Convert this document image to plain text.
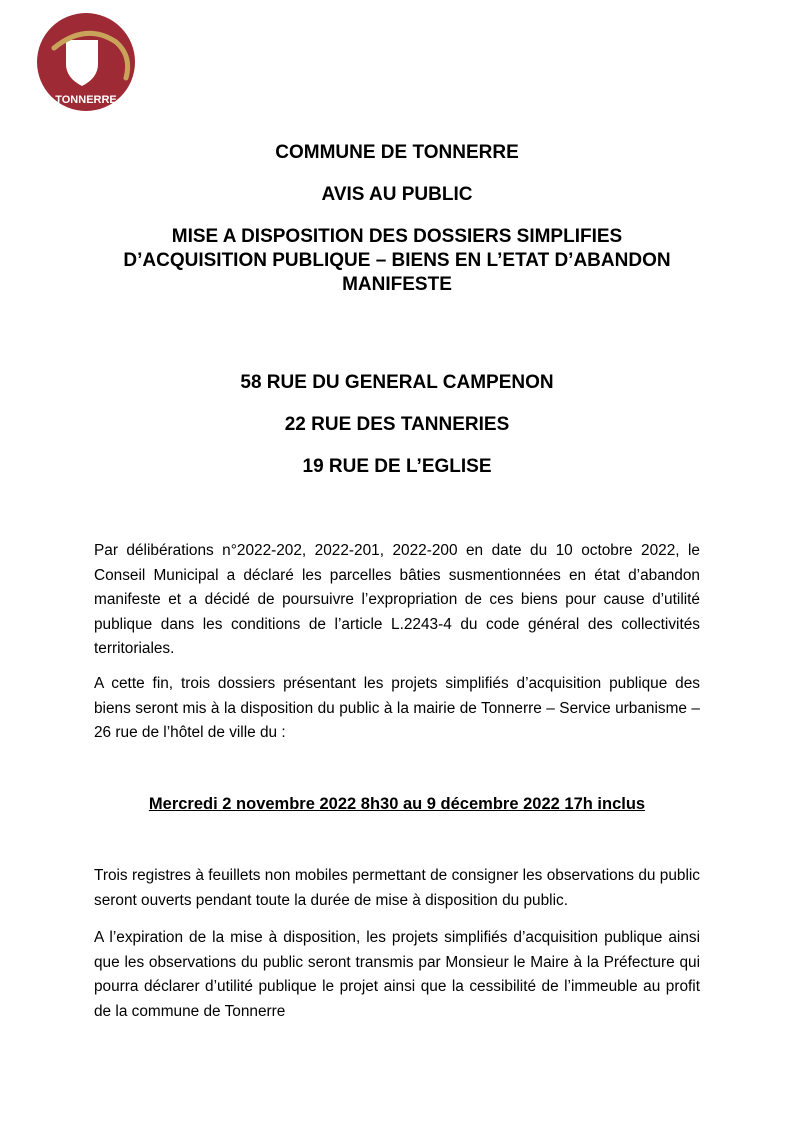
TONNERRE

COMMUNE DE TONNERRE

AVIS AU PUBLIC

MISE A DISPOSITION DES DOSSIERS SIMPLIFIES

D’ACQUISITION PUBLIQUE – BIENS EN L’ETAT D’ABANDON

MANIFESTE

58 RUE DU GENERAL CAMPENON

22 RUE DES TANNERIES

19 RUE DE L’EGLISE

Par délibérations n°2022-202, 2022-201, 2022-200 en date du 10 octobre 2022, le Conseil Municipal a déclaré les parcelles bâties susmentionnées en état d’abandon manifeste et a décidé de poursuivre l’expropriation de ces biens pour cause d’utilité publique dans les conditions de l’article L.2243-4 du code général des collectivités territoriales.

A cette fin, trois dossiers présentant les projets simplifiés d’acquisition publique des biens seront mis à la disposition du public à la mairie de Tonnerre – Service urbanisme – 26 rue de l’hôtel de ville du :

Mercredi 2 novembre 2022 8h30 au 9 décembre 2022 17h inclus

Trois registres à feuillets non mobiles permettant de consigner les observations du public seront ouverts pendant toute la durée de mise à disposition du public.

A l’expiration de la mise à disposition, les projets simplifiés d’acquisition publique ainsi que les observations du public seront transmis par Monsieur le Maire à la Préfecture qui pourra déclarer d’utilité publique le projet ainsi que la cessibilité de l’immeuble au profit de la commune de Tonnerre
